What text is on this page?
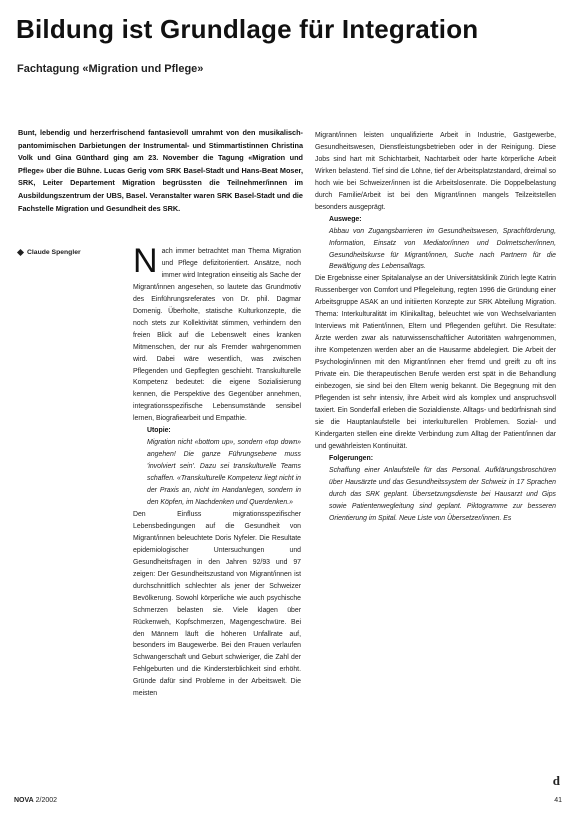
Bildung ist Grundlage für Integration
Fachtagung «Migration und Pflege»
Bunt, lebendig und herzerfrischend fantasievoll umrahmt von den musikalisch-pantomimischen Darbietungen der Instrumental- und Stimmartistinnen Christina Volk und Gina Günthard ging am 23. November die Tagung «Migration und Pflege» über die Bühne. Lucas Gerig vom SRK Basel-Stadt und Hans-Beat Moser, SRK, Leiter Departement Migration begrüssten die Teilnehmer/innen im Ausbildungszentrum der UBS, Basel. Veranstalter waren SRK Basel-Stadt und die Fachstelle Migration und Gesundheit des SRK.
Claude Spengler Nach immer betrachtet man Thema Migration und Pflege defizitorientiert. Ansätze, noch immer wird Integration einseitig als Sache der Migrant/innen angesehen, so lautete das Grundmotiv des Einführungsreferates von Dr. phil. Dagmar Domenig. Überholte, statische Kulturkonzepte, die noch stets zur Kollektivität stimmen, verhindern den freien Blick auf die Lebenswelt eines kranken Mitmenschen, der nur als Fremder wahrgenommen wird. Dabei wäre wesentlich, was zwischen Pflegenden und Gepflegten geschieht. Transkulturelle Kompetenz bedeutet: die eigene Sozialisierung kennen, die Perspektive des Gegenüber annehmen, integrationsspezifische Lebensumstände sensibel lernen, Biografiearbeit und Empathie.

Utopie:

Migration nicht «bottom up», sondern «top down» angehen! Die ganze Führungsebene muss 'involviert sein'. Dazu sei transkulturelle Teams schaffen. «Transkulturelle Kompetenz liegt nicht in der Praxis an, nicht im Handanlegen, sondern in den Köpfen, im Nachdenken und Querdenken.»

Den Einfluss migrationsspezifischer Lebensbedingungen auf die Gesundheit von Migrant/innen beleuchtete Doris Nyfeler. Die Resultate epidemiologischer Untersuchungen und Gesundheitsfragen in den Jahren 92/93 und 97 zeigen: Der Gesundheitszustand von Migrant/innen ist durchschnittlich schlechter als jener der Schweizer Bevölkerung. Sowohl körperliche wie auch psychische Schmerzen belasten sie. Viele klagen über Rückenweh, Kopfschmerzen, Magengeschwüre. Bei den Männern läuft die höheren Unfallrate auf, besonders im Baugewerbe. Bei den Frauen verlaufen Schwangerschaft und Geburt schwieriger, die Zahl der Fehlgeburten und die Kindersterblichkeit sind erhöht. Gründe dafür sind Probleme in der Arbeitswelt. Die meisten

Migrant/innen leisten unqualifizierte Arbeit in Industrie, Gastgewerbe, Gesundheitswesen, Dienstleistungsbetrieben oder in der Reinigung. Diese Jobs sind hart mit Schichtarbeit, Nachtarbeit oder harte körperliche Arbeit Wirken belastend. Tief sind die Löhne, tief der Arbeitsplatzstandard, dreimal so hoch wie bei Schweizer/innen ist die Arbeitslosenrate. Die Doppelbelastung durch Familie/Arbeit ist bei den Migrant/innen mangels Teilzeitstellen besonders ausgeprägt.

Auswege:

Abbau von Zugangsbarrieren im Gesundheitswesen, Sprachförderung, Information, Einsatz von Mediator/innen und Dolmetscher/innen, Gesundheitskurse für Migrant/innen, Suche nach Partnern für die Bewältigung des Lebensalltags.

Die Ergebnisse einer Spitalanalyse an der Universitätsklinik Zürich legte Katrin Russenberger von Comfort und Pflegeleitung, regten 1996 die Gründung einer Arbeitsgruppe ASAK an und initiierten Konzepte zur SRK Abteilung Migration. Thema: Interkulturalität im Klinikalltag, beleuchtet wie von Wechselvarianten Interviews mit Patient/innen, Eltern und Pflegenden geführt. Die Resultate: Ärzte werden zwar als naturwissenschaftlicher Autoritäten wahrgenommen, ihre Kompetenzen werden aber an die Hausarme abdelegiert. Die Arbeit der Psychologin/innen mit den Migrant/innen eher fremd und greift zu oft ins Private ein. Die therapeutischen Berufe werden erst spät in die Behandlung einbezogen, sie sind bei den Eltern wenig bekannt. Die Begegnung mit den Pflegenden ist sehr intensiv, ihre Arbeit wird als komplex und anspruchsvoll taxiert. Ein Sonderfall erleben die Sozialdienste. Alltags- und bedürfnisnah sind sie die Hauptanlaufstelle bei interkulturellen Problemen. Sozial- und Kindergarten stellen eine direkte Verbindung zum Alltag der Patient/innen dar und gewährleisten Kontinuität.

Folgerungen:

Schaffung einer Anlaufstelle für das Personal. Aufklärungsbroschüren über Hausärzte und das Gesundheitssystem der Schweiz in 17 Sprachen durch das SRK geplant. Übersetzungsdienste bei Hausarzt und Gips sowie Patientenwegleitung sind geplant. Piktogramme zur besseren Orientierung im Spital. Neue Liste von Übersetzer/innen. Es

d
NOVA 2/2002	41
